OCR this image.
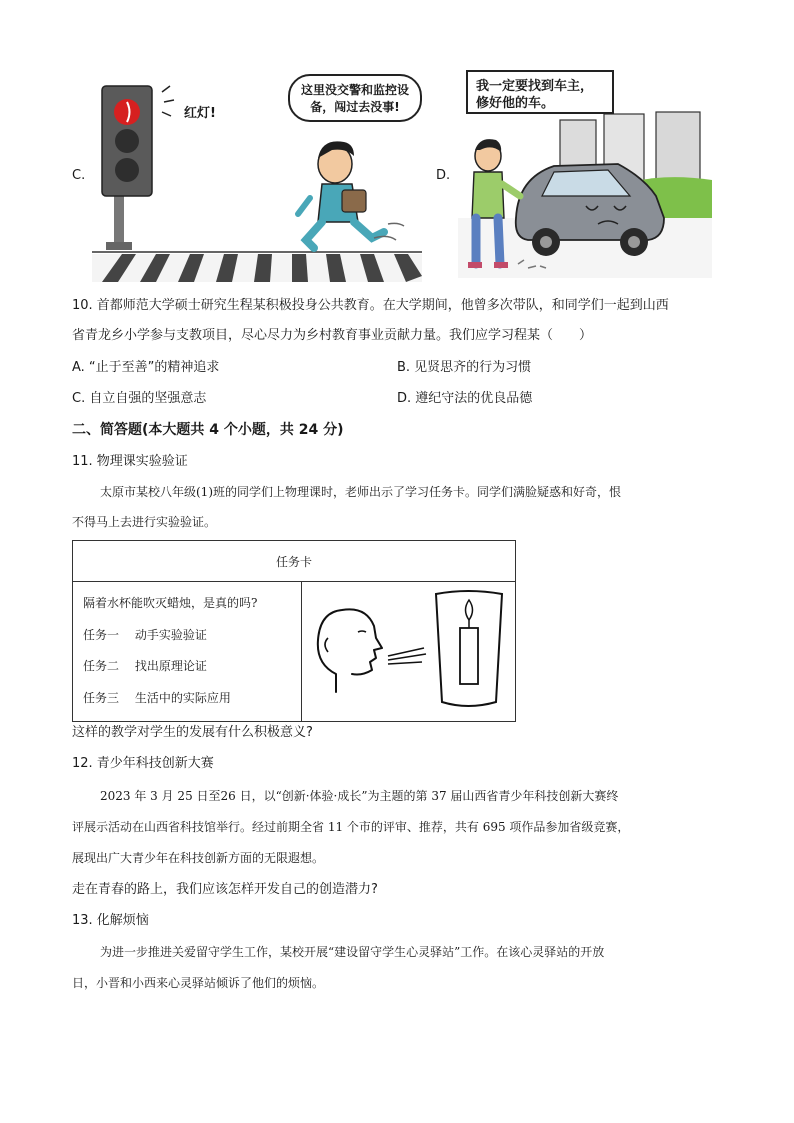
C.
红灯!
这里没交警和监控设备，闯过去没事!
D.
我一定要找到车主，修好他的车。
10. 首都师范大学硕士研究生程某积极投身公共教育。在大学期间，他曾多次带队，和同学们一起到山西
省青龙乡小学参与支教项目，尽心尽力为乡村教育事业贡献力量。我们应学习程某（　　）
A. “止于至善”的精神追求	B. 见贤思齐的行为习惯
C. 自立自强的坚强意志	D. 遵纪守法的优良品德
二、简答题(本大题共 4 个小题，共 24 分)
11. 物理课实验验证
太原市某校八年级(1)班的同学们上物理课时，老师出示了学习任务卡。同学们满脸疑惑和好奇，恨
不得马上去进行实验验证。
任务卡

隔着水杯能吹灭蜡烛，是真的吗?
任务一　 动手实验验证
任务二　 找出原理论证
任务三　 生活中的实际应用

这样的教学对学生的发展有什么积极意义?
12. 青少年科技创新大赛
2023 年 3 月 25 日至26 日，以“创新·体验·成长”为主题的第 37 届山西省青少年科技创新大赛终
评展示活动在山西省科技馆举行。经过前期全省 11 个市的评审、推荐，共有 695 项作品参加省级竞赛，
展现出广大青少年在科技创新方面的无限遐想。
走在青春的路上，我们应该怎样开发自己的创造潜力?
13. 化解烦恼
为进一步推进关爱留守学生工作，某校开展“建设留守学生心灵驿站”工作。在该心灵驿站的开放
日，小晋和小西来心灵驿站倾诉了他们的烦恼。
